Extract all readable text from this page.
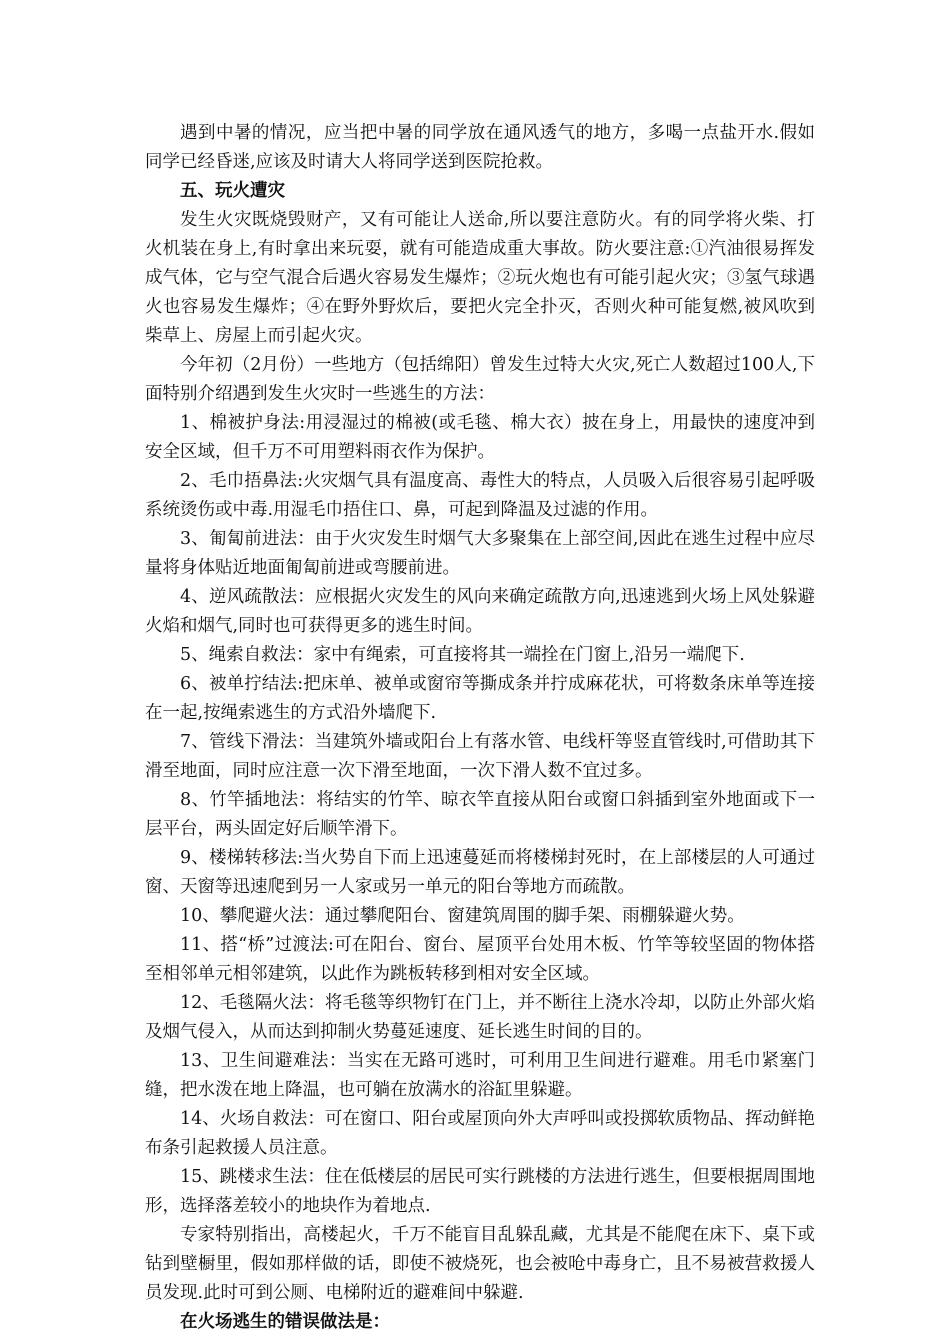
遇到中暑的情况，应当把中暑的同学放在通风透气的地方，多喝一点盐开水.假如同学已经昏迷,应该及时请大人将同学送到医院抢救。

五、玩火遭灾

发生火灾既烧毁财产，又有可能让人送命,所以要注意防火。有的同学将火柴、打火机装在身上,有时拿出来玩耍，就有可能造成重大事故。防火要注意:①汽油很易挥发成气体，它与空气混合后遇火容易发生爆炸；②玩火炮也有可能引起火灾；③氢气球遇火也容易发生爆炸；④在野外野炊后，要把火完全扑灭，否则火种可能复燃,被风吹到柴草上、房屋上而引起火灾。

今年初（2月份）一些地方（包括绵阳）曾发生过特大火灾,死亡人数超过100人,下面特别介绍遇到发生火灾时一些逃生的方法：

1、棉被护身法:用浸湿过的棉被(或毛毯、棉大衣）披在身上，用最快的速度冲到安全区域，但千万不可用塑料雨衣作为保护。

2、毛巾捂鼻法:火灾烟气具有温度高、毒性大的特点，人员吸入后很容易引起呼吸系统烫伤或中毒.用湿毛巾捂住口、鼻，可起到降温及过滤的作用。

3、匍匐前进法：由于火灾发生时烟气大多聚集在上部空间,因此在逃生过程中应尽量将身体贴近地面匍匐前进或弯腰前进。

4、逆风疏散法：应根据火灾发生的风向来确定疏散方向,迅速逃到火场上风处躲避火焰和烟气,同时也可获得更多的逃生时间。

5、绳索自救法：家中有绳索，可直接将其一端拴在门窗上,沿另一端爬下.

6、被单拧结法:把床单、被单或窗帘等撕成条并拧成麻花状，可将数条床单等连接在一起,按绳索逃生的方式沿外墙爬下.

7、管线下滑法：当建筑外墙或阳台上有落水管、电线杆等竖直管线时,可借助其下滑至地面，同时应注意一次下滑至地面，一次下滑人数不宜过多。

8、竹竿插地法：将结实的竹竿、晾衣竿直接从阳台或窗口斜插到室外地面或下一层平台，两头固定好后顺竿滑下。

9、楼梯转移法:当火势自下而上迅速蔓延而将楼梯封死时，在上部楼层的人可通过窗、天窗等迅速爬到另一人家或另一单元的阳台等地方而疏散。

10、攀爬避火法：通过攀爬阳台、窗建筑周围的脚手架、雨棚躲避火势。

11、搭“桥”过渡法:可在阳台、窗台、屋顶平台处用木板、竹竿等较坚固的物体搭至相邻单元相邻建筑，以此作为跳板转移到相对安全区域。

12、毛毯隔火法：将毛毯等织物钉在门上，并不断往上浇水冷却，以防止外部火焰及烟气侵入，从而达到抑制火势蔓延速度、延长逃生时间的目的。

13、卫生间避难法：当实在无路可逃时，可利用卫生间进行避难。用毛巾紧塞门缝，把水泼在地上降温，也可躺在放满水的浴缸里躲避。

14、火场自救法：可在窗口、阳台或屋顶向外大声呼叫或投掷软质物品、挥动鲜艳布条引起救援人员注意。

15、跳楼求生法：住在低楼层的居民可实行跳楼的方法进行逃生，但要根据周围地形，选择落差较小的地块作为着地点.

专家特别指出，高楼起火，千万不能盲目乱躲乱藏，尤其是不能爬在床下、桌下或钻到壁橱里，假如那样做的话，即使不被烧死，也会被呛中毒身亡，且不易被营救援人员发现.此时可到公厕、电梯附近的避难间中躲避.

在火场逃生的错误做法是：
